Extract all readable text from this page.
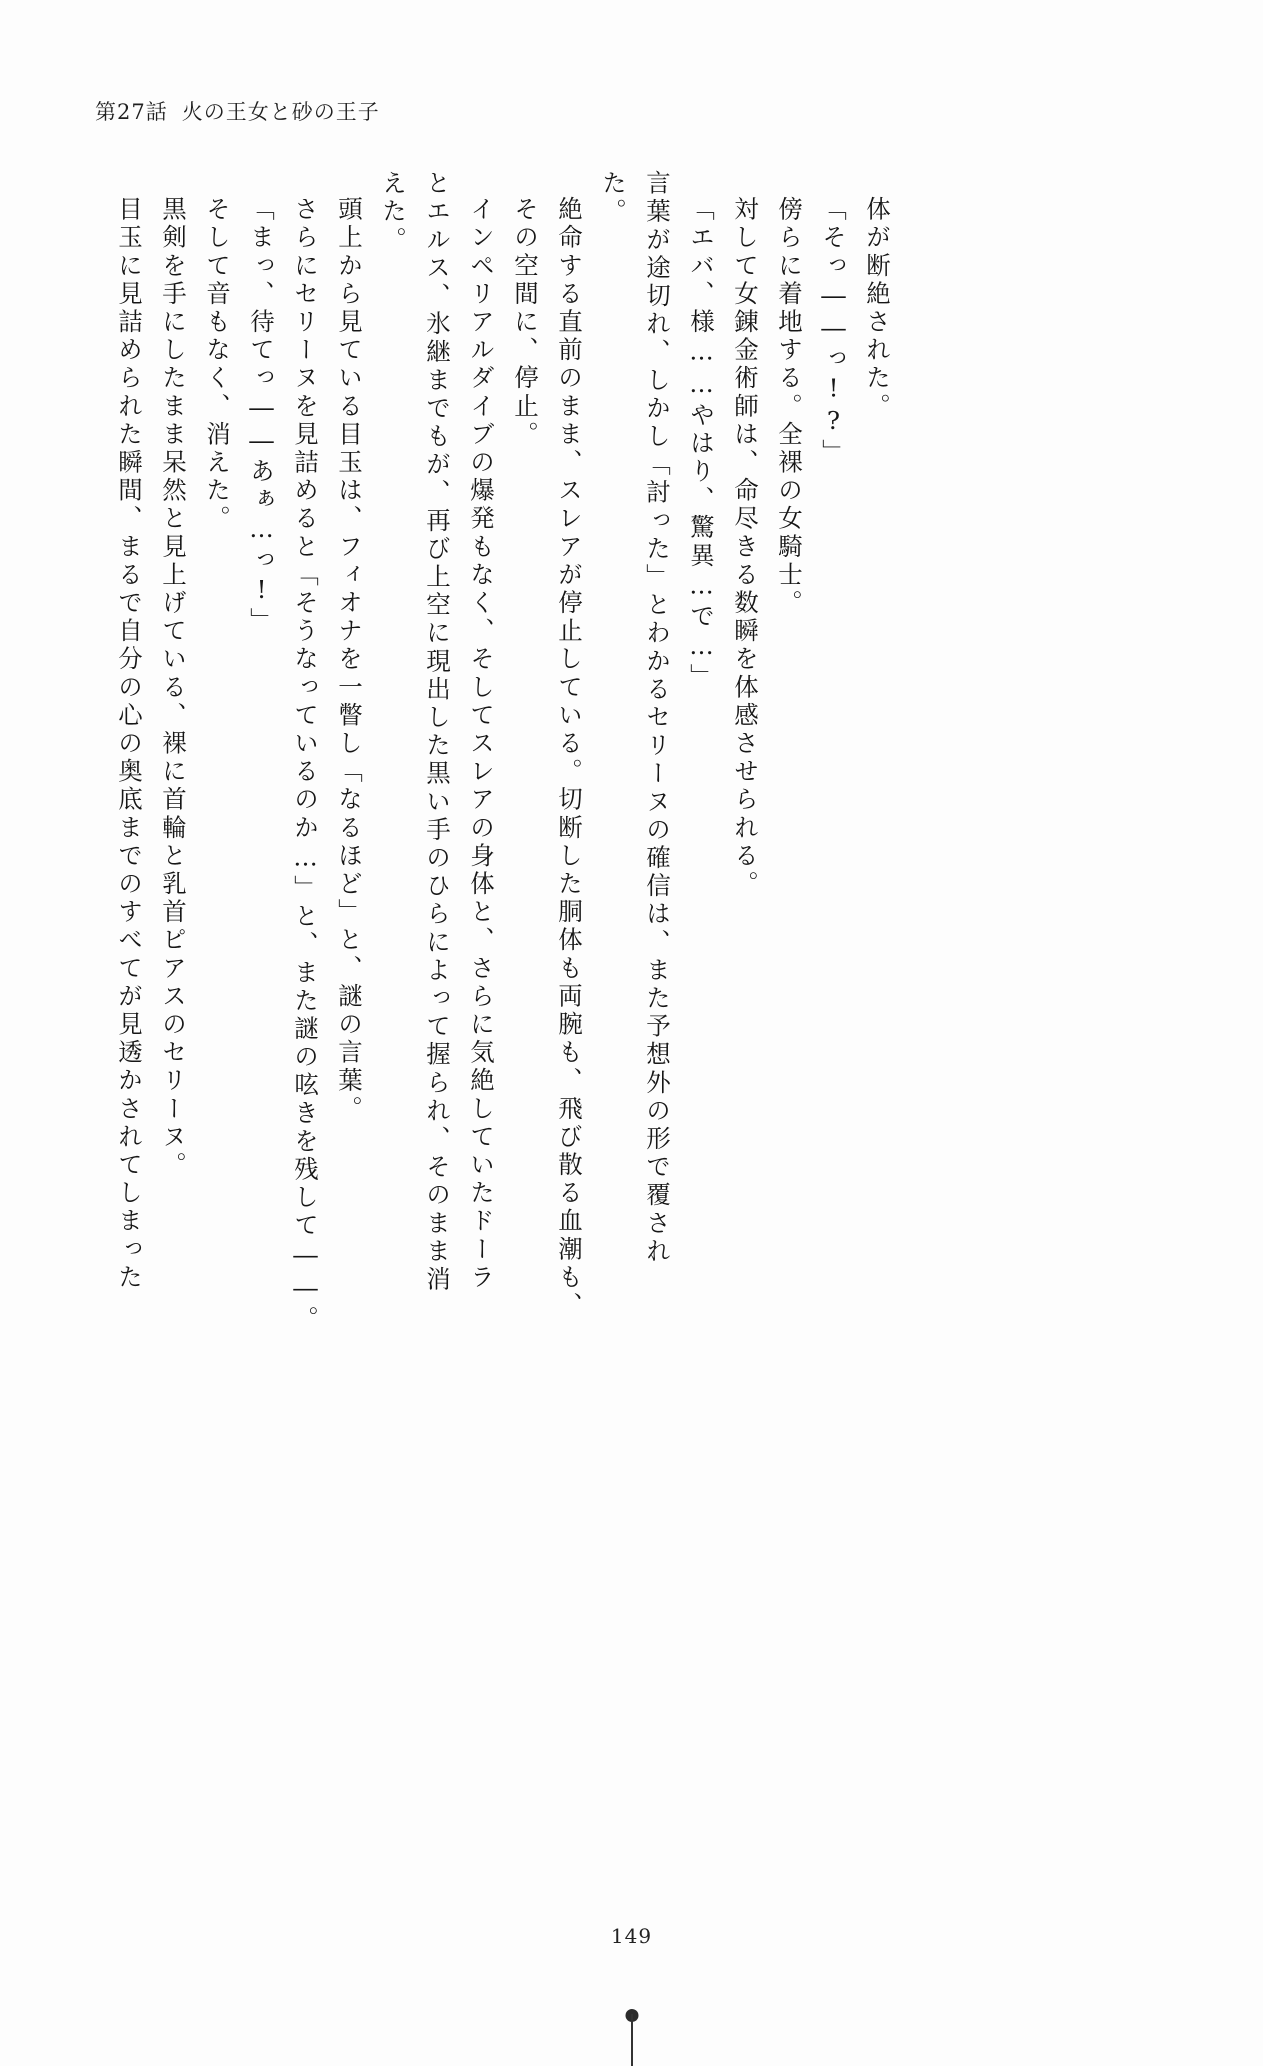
第27話 火の王女と砂の王子
目玉に見詰められた瞬間、まるで自分の心の奥底までのすべてが見透かされてしまった 黒剣を手にしたまま呆然と見上げている、裸に首輪と乳首ピアスのセリーヌ。 そして音もなく、消えた。 「まっ、待てっ――あぁ…っ!」 さらにセリーヌを見詰めると「そうなっているのか…」と、また謎の呟きを残して――。 頭上から見ている目玉は、フィオナを一瞥し「なるほど」と、謎の言葉。 えた。 とエルス、氷継までもが、再び上空に現出した黒い手のひらによって握られ、そのまま消 インペリアルダイブの爆発もなく、そしてスレアの身体と、さらに気絶していたドーラ その空間に、停止。 絶命する直前のまま、スレアが停止している。切断した胴体も両腕も、飛び散る血潮も、 た。 言葉が途切れ、しかし「討った」とわかるセリーヌの確信は、また予想外の形で覆され 「エバ、様……やはり、驚異…で…」 対して女錬金術師は、命尽きる数瞬を体感させられる。 傍らに着地する。全裸の女騎士。 「そっ――っ!?」 体が断絶された。
149
